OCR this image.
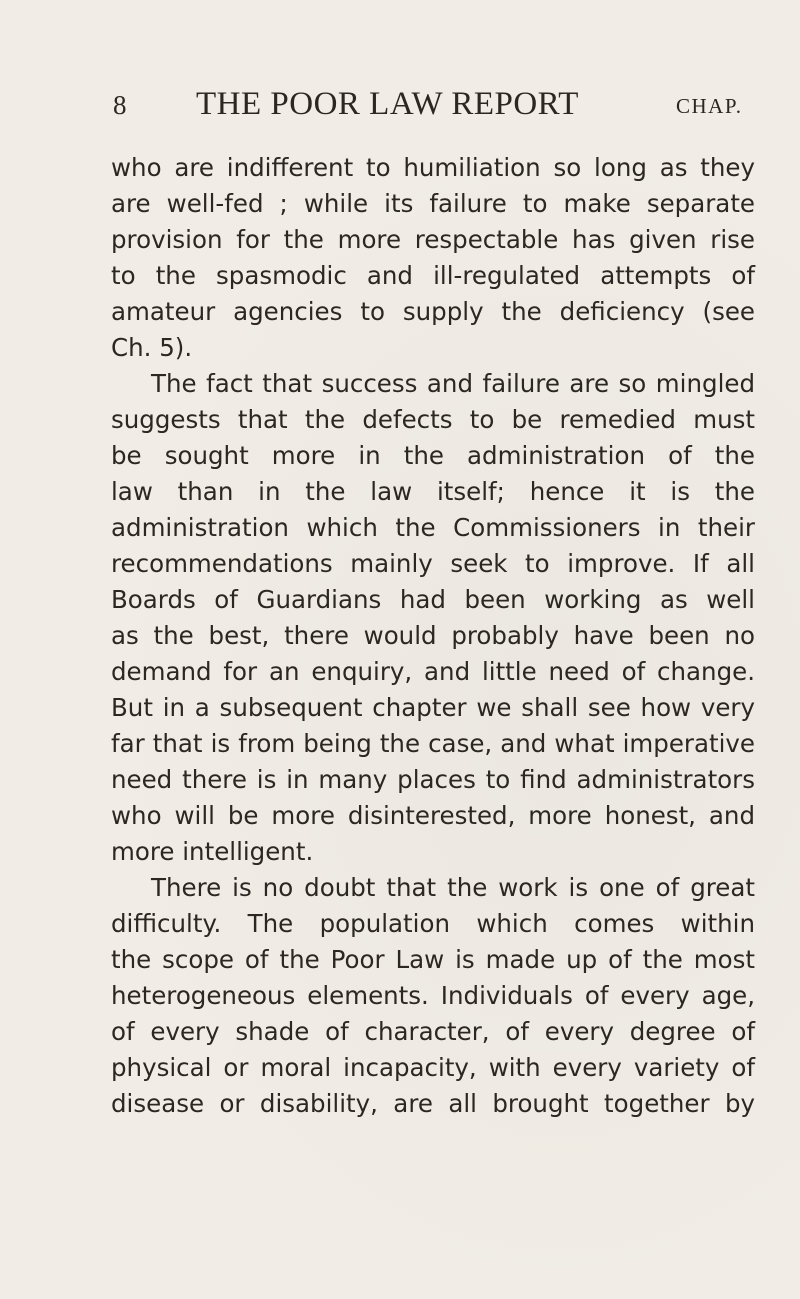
8 THE POOR LAW REPORT	CHAP.
who are indifferent to humiliation so long as they
are well-fed ; while its failure to make separate
provision for the more respectable has given rise
to the spasmodic and ill-regulated attempts of
amateur agencies to supply the deficiency (see
Ch. 5).
The fact that success and failure are so mingled
suggests that the defects to be remedied must
be sought more in the administration of the
law than in the law itself; hence it is the
administration which the Commissioners in their
recommendations mainly seek to improve. If all
Boards of Guardians had been working as well
as the best, there would probably have been no
demand for an enquiry, and little need of change.
But in a subsequent chapter we shall see how very
far that is from being the case, and what imperative
need there is in many places to find administrators
who will be more disinterested, more honest, and
more intelligent.
There is no doubt that the work is one of great
difficulty. The population which comes within
the scope of the Poor Law is made up of the most
heterogeneous elements. Individuals of every age,
of every shade of character, of every degree of
physical or moral incapacity, with every variety of
disease or disability, are all brought together by
